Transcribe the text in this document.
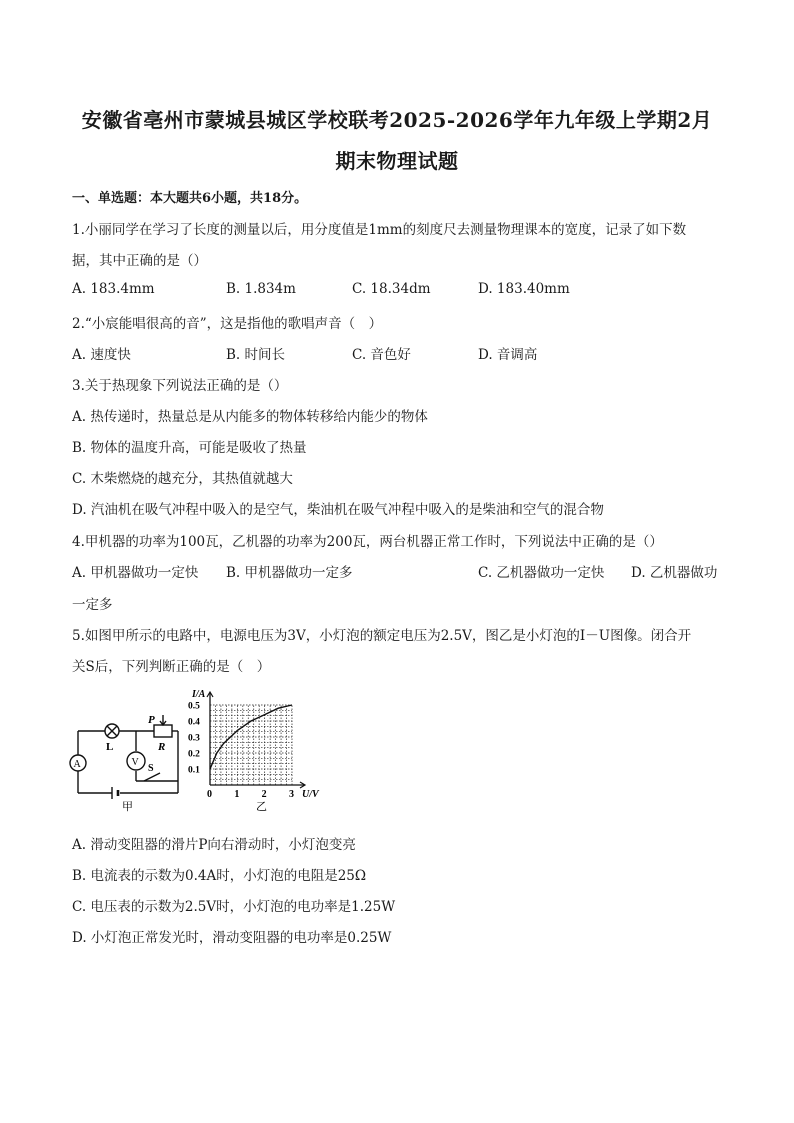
安徽省亳州市蒙城县城区学校联考2025-2026学年九年级上学期2月
期末物理试题
一、单选题：本大题共6小题，共18分。
1.小丽同学在学习了长度的测量以后，用分度值是1mm的刻度尺去测量物理课本的宽度，记录了如下数
据，其中正确的是（）
A. 183.4mm	B. 1.834m	C. 18.34dm	D. 183.40mm
2.“小宸能唱很高的音”，这是指他的歌唱声音（　）
A. 速度快	B. 时间长	C. 音色好	D. 音调高
3.关于热现象下列说法正确的是（）
A. 热传递时，热量总是从内能多的物体转移给内能少的物体
B. 物体的温度升高，可能是吸收了热量
C. 木柴燃烧的越充分，其热值就越大
D. 汽油机在吸气冲程中吸入的是空气，柴油机在吸气冲程中吸入的是柴油和空气的混合物
4.甲机器的功率为100瓦，乙机器的功率为200瓦，两台机器正常工作时，下列说法中正确的是（）
A. 甲机器做功一定快 B. 甲机器做功一定多	C. 乙机器做功一定快 D. 乙机器做功
一定多
5.如图甲所示的电路中，电源电压为3V，小灯泡的额定电压为2.5V，图乙是小灯泡的I－U图像。闭合开
关S后，下列判断正确的是（　）
L
A	V
P
R
S
甲
0 1 2 3
0.1
0.2
0.3
0.4
0.5
U/V
I/A
乙
A. 滑动变阻器的滑片P向右滑动时，小灯泡变亮
B. 电流表的示数为0.4A时，小灯泡的电阻是25Ω
C. 电压表的示数为2.5V时，小灯泡的电功率是1.25W
D. 小灯泡正常发光时，滑动变阻器的电功率是0.25W
